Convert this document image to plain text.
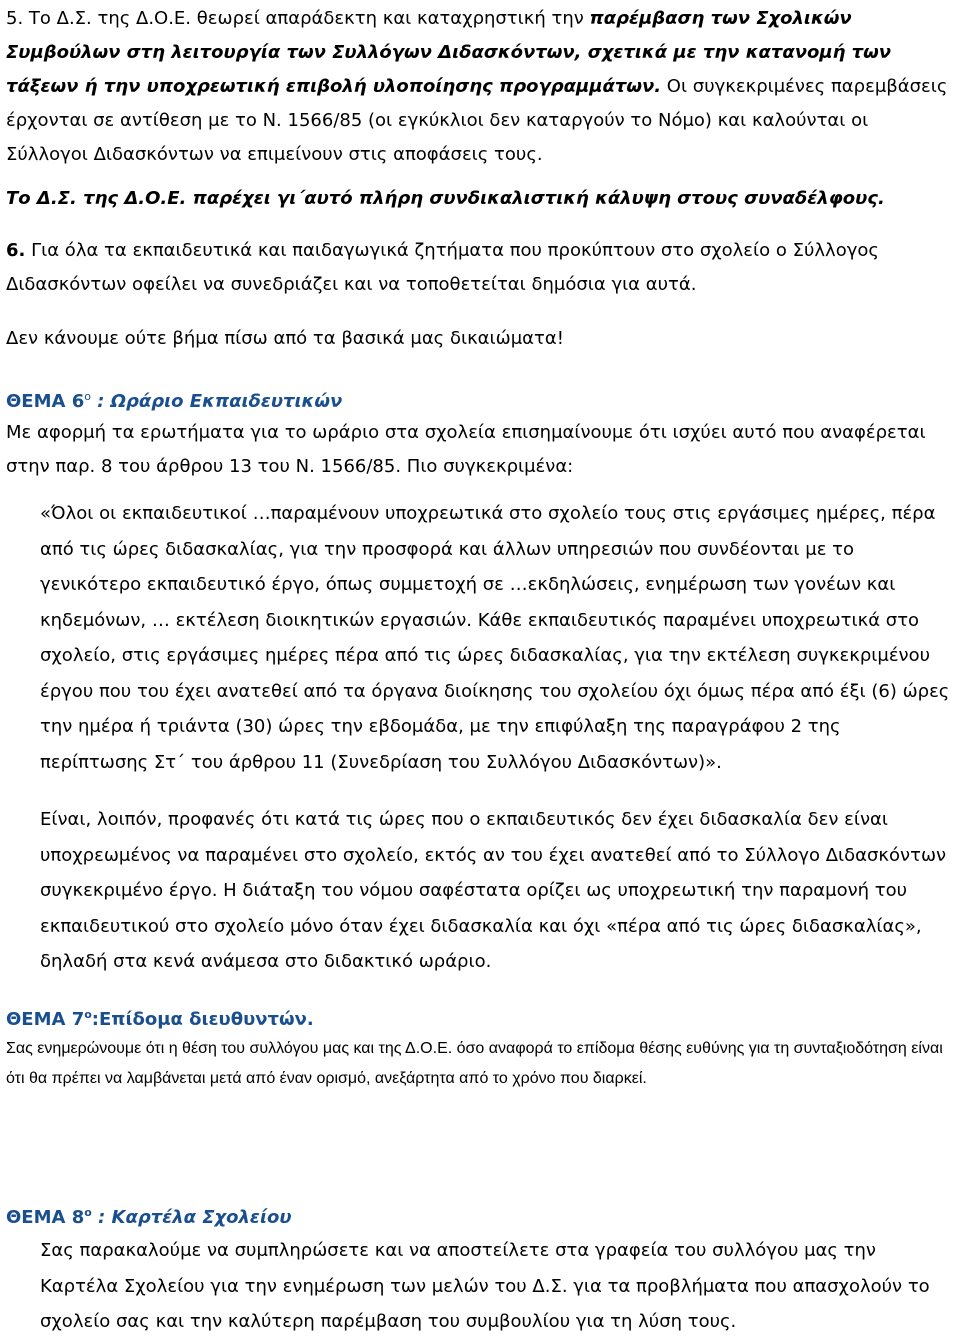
5. Το Δ.Σ. της Δ.Ο.Ε. θεωρεί απαράδεκτη και καταχρηστική την παρέμβαση των Σχολικών Συμβούλων στη λειτουργία των Συλλόγων Διδασκόντων, σχετικά με την κατανομή των τάξεων ή την υποχρεωτική επιβολή υλοποίησης προγραμμάτων. Οι συγκεκριμένες παρεμβάσεις έρχονται σε αντίθεση με το Ν. 1566/85 (οι εγκύκλιοι δεν καταργούν το Νόμο) και καλούνται οι Σύλλογοι Διδασκόντων να επιμείνουν στις αποφάσεις τους.

Το Δ.Σ. της Δ.Ο.Ε. παρέχει γι΄αυτό πλήρη συνδικαλιστική κάλυψη στους συναδέλφους.

6. Για όλα τα εκπαιδευτικά και παιδαγωγικά ζητήματα που προκύπτουν στο σχολείο ο Σύλλογος Διδασκόντων οφείλει να συνεδριάζει και να τοποθετείται δημόσια για αυτά.

Δεν κάνουμε ούτε βήμα πίσω από τα βασικά μας δικαιώματα!

ΘΕΜΑ $6^o$ : Ωράριο Εκπαιδευτικών

Με αφορμή τα ερωτήματα για το ωράριο στα σχολεία επισημαίνουμε ότι ισχύει αυτό που αναφέρεται στην παρ. 8 του άρθρου 13 του Ν. 1566/85. Πιο συγκεκριμένα:

«Όλοι οι εκπαιδευτικοί …παραμένουν υποχρεωτικά στο σχολείο τους στις εργάσιμες ημέρες, πέρα από τις ώρες διδασκαλίας, για την προσφορά και άλλων υπηρεσιών που συνδέονται με το γενικότερο εκπαιδευτικό έργο, όπως συμμετοχή σε …εκδηλώσεις, ενημέρωση των γονέων και κηδεμόνων, … εκτέλεση διοικητικών εργασιών. Κάθε εκπαιδευτικός παραμένει υποχρεωτικά στο σχολείο, στις εργάσιμες ημέρες πέρα από τις ώρες διδασκαλίας, για την εκτέλεση συγκεκριμένου έργου που του έχει ανατεθεί από τα όργανα διοίκησης του σχολείου όχι όμως πέρα από έξι (6) ώρες την ημέρα ή τριάντα (30) ώρες την εβδομάδα, με την επιφύλαξη της παραγράφου 2 της περίπτωσης Στ΄ του άρθρου 11 (Συνεδρίαση του Συλλόγου Διδασκόντων)».

Είναι, λοιπόν, προφανές ότι κατά τις ώρες που ο εκπαιδευτικός δεν έχει διδασκαλία δεν είναι υποχρεωμένος να παραμένει στο σχολείο, εκτός αν του έχει ανατεθεί από το Σύλλογο Διδασκόντων συγκεκριμένο έργο. Η διάταξη του νόμου σαφέστατα ορίζει ως υποχρεωτική την παραμονή του εκπαιδευτικού στο σχολείο μόνο όταν έχει διδασκαλία και όχι «πέρα από τις ώρες διδασκαλίας», δηλαδή στα κενά ανάμεσα στο διδακτικό ωράριο.

ΘΕΜΑ $7^o:E\pi ί\delta o\mu\alpha$ διευθυντών.

Σας ενημερώνουμε ότι η θέση του συλλόγου μας και της Δ.Ο.Ε. όσο αναφορά το επίδομα θέσης ευθύνης για τη συνταξιοδότηση είναι ότι θα πρέπει να λαμβάνεται μετά από έναν ορισμό, ανεξάρτητα από το χρόνο που διαρκεί.

ΘΕΜΑ $8^o$ : Καρτέλα Σχολείου

Σας παρακαλούμε να συμπληρώσετε και να αποστείλετε στα γραφεία του συλλόγου μας την Καρτέλα Σχολείου για την ενημέρωση των μελών του Δ.Σ. για τα προβλήματα που απασχολούν το σχολείο σας και την καλύτερη παρέμβαση του συμβουλίου για τη λύση τους.
